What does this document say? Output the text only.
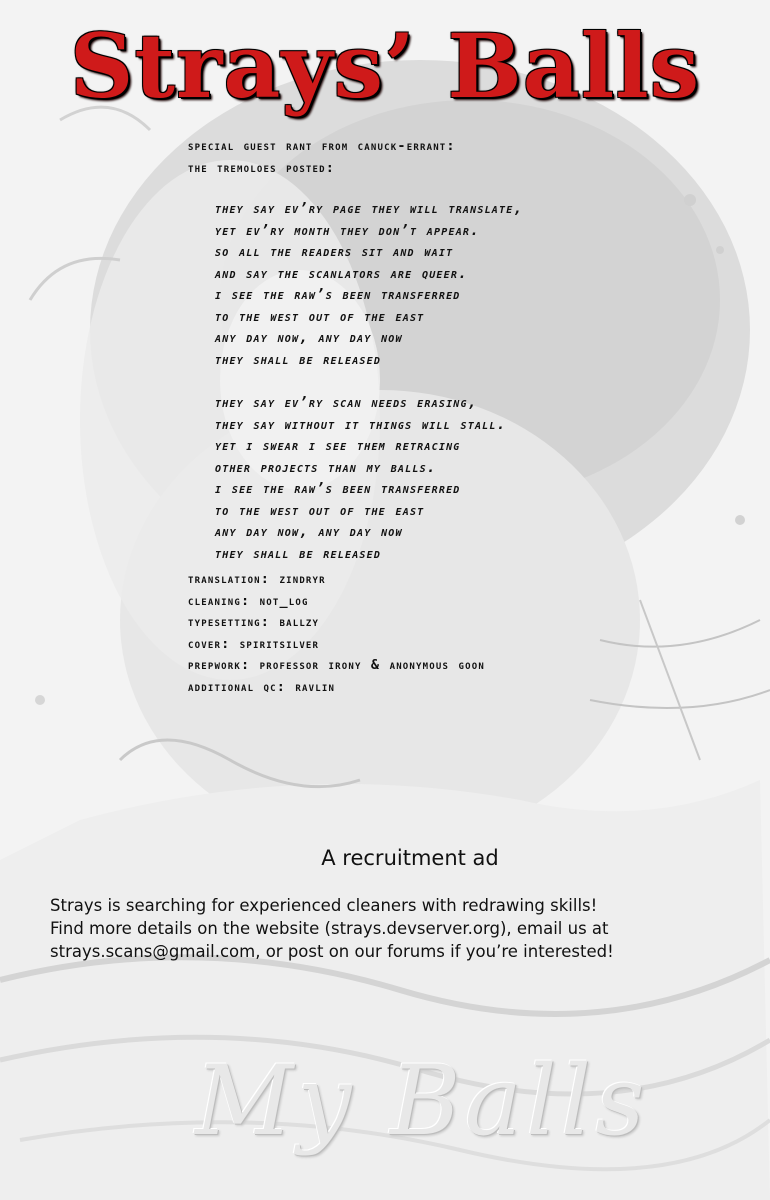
Strays’ Balls
special guest rant from canuck-errant:
the tremoloes posted:
they say ev’ry page they will translate,
yet ev’ry month they don’t appear.
so all the readers sit and wait
and say the scanlators are queer.
i see the raw’s been transferred
to the west out of the east
any day now, any day now
they shall be released
they say ev’ry scan needs erasing,
they say without it things will stall.
yet i swear i see them retracing
other projects than my balls.
i see the raw’s been transferred
to the west out of the east
any day now, any day now
they shall be released
translation: zindryr
cleaning: not_log
typesetting: ballzy
cover: spiritsilver
prepwork: professor irony & anonymous goon
additional qc: ravlin
A recruitment ad
Strays is searching for experienced cleaners with redrawing skills!
Find more details on the website (strays.devserver.org), email us at
strays.scans@gmail.com, or post on our forums if you’re interested!
My Balls
